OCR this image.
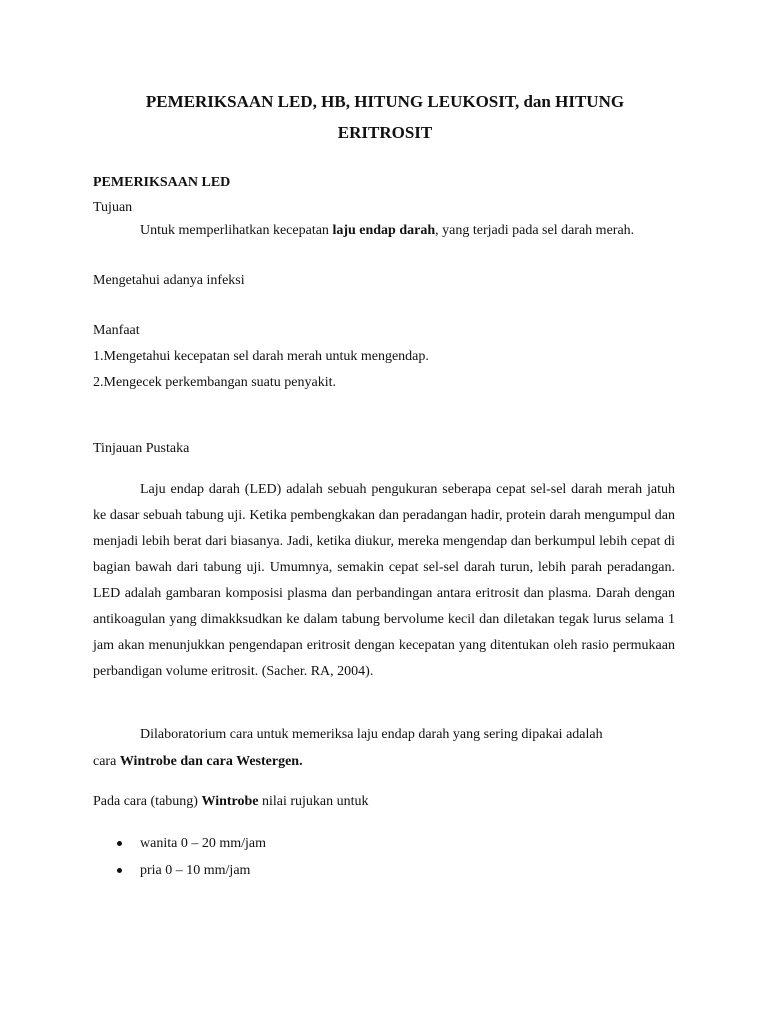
PEMERIKSAAN LED, HB, HITUNG LEUKOSIT, dan HITUNG
ERITROSIT
PEMERIKSAAN LED
Tujuan

Untuk memperlihatkan kecepatan laju endap darah, yang terjadi pada sel darah merah.

Mengetahui adanya infeksi
Manfaat
1.Mengetahui kecepatan sel darah merah untuk mengendap.
2.Mengecek perkembangan suatu penyakit.
Tinjauan Pustaka

Laju endap darah (LED) adalah sebuah pengukuran seberapa cepat sel-sel darah merah jatuh ke dasar sebuah tabung uji. Ketika pembengkakan dan peradangan hadir, protein darah mengumpul dan menjadi lebih berat dari biasanya. Jadi, ketika diukur, mereka mengendap dan berkumpul lebih cepat di bagian bawah dari tabung uji. Umumnya, semakin cepat sel-sel darah turun, lebih parah peradangan. LED adalah gambaran komposisi plasma dan perbandingan antara eritrosit dan plasma. Darah dengan antikoagulan yang dimakksudkan ke dalam tabung bervolume kecil dan diletakan tegak lurus selama 1 jam akan menunjukkan pengendapan eritrosit dengan kecepatan yang ditentukan oleh rasio permukaan perbandigan volume eritrosit. (Sacher. RA, 2004).

Dilaboratorium cara untuk memeriksa laju endap darah yang sering dipakai adalah
cara Wintrobe dan cara Westergen.
Pada cara (tabung) Wintrobe nilai rujukan untuk
wanita 0 – 20 mm/jam
pria 0 – 10 mm/jam
